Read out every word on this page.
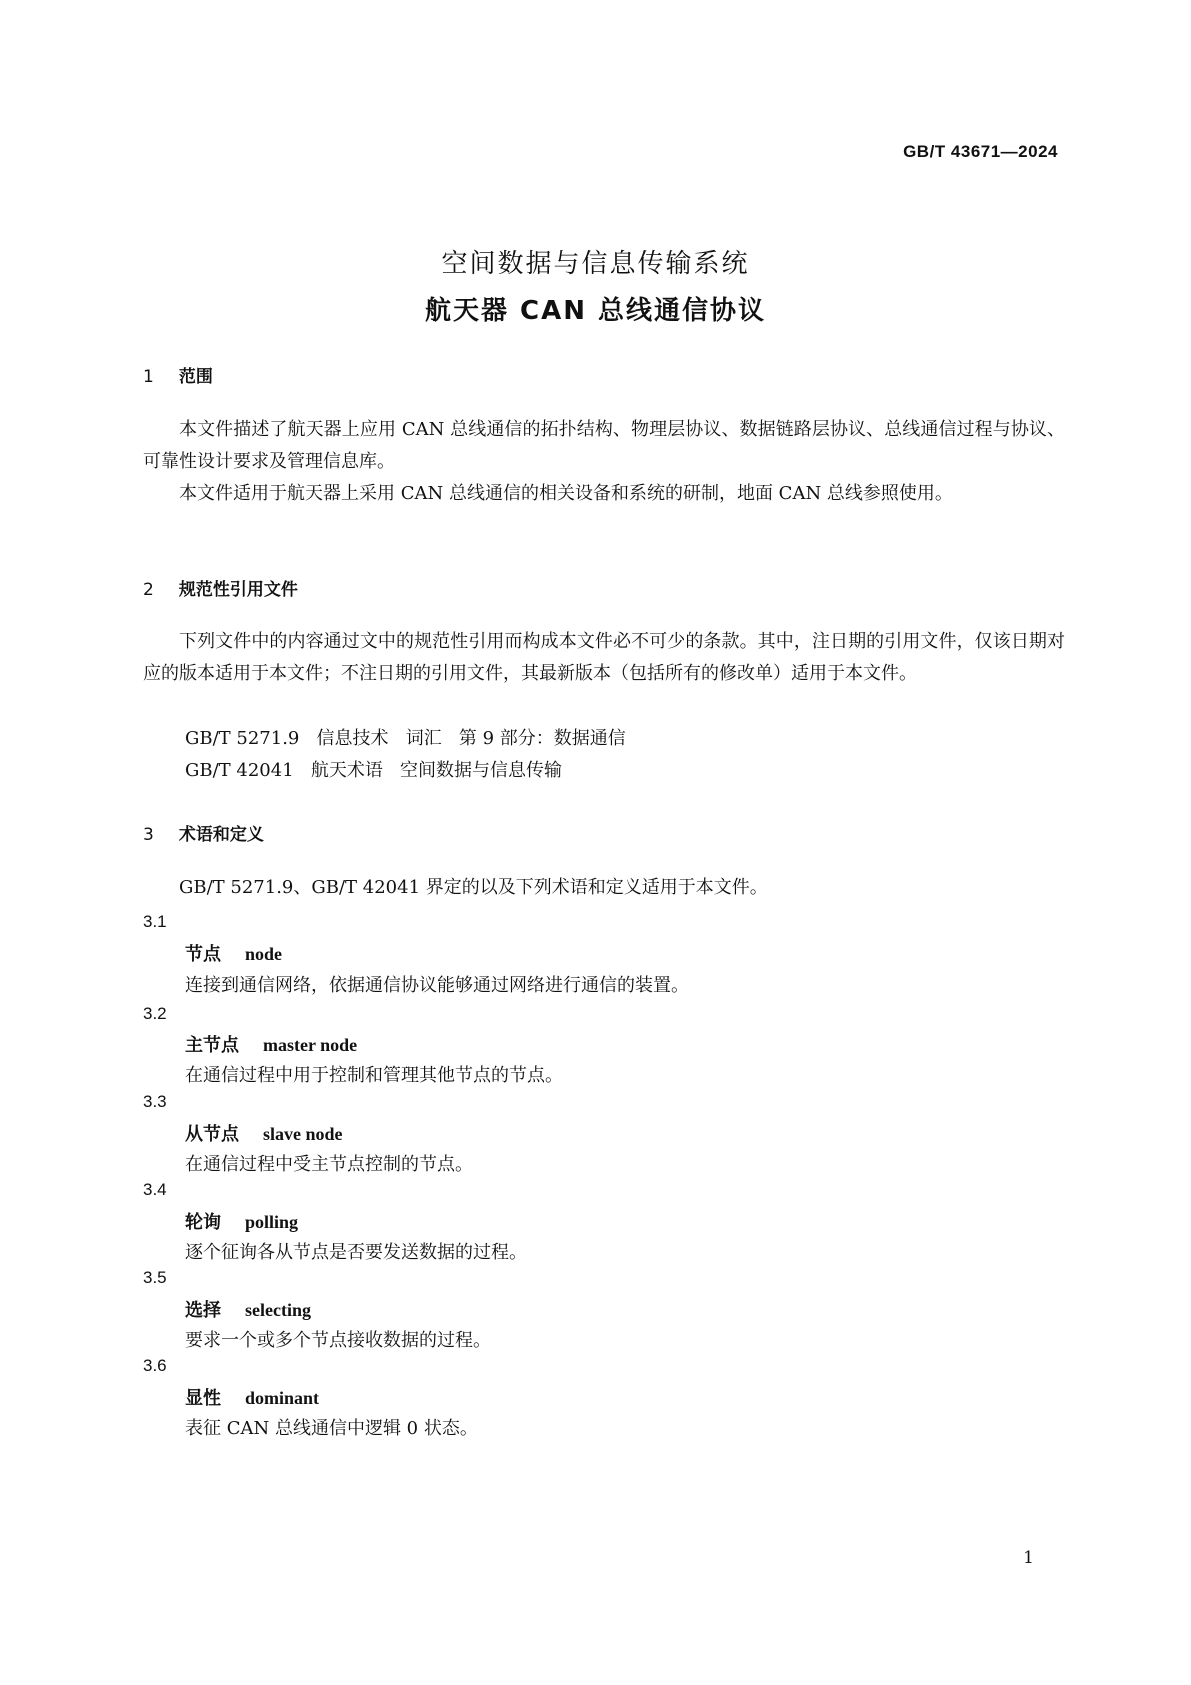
GB/T 43671—2024
空间数据与信息传输系统
航天器 CAN 总线通信协议
1 范围
本文件描述了航天器上应用 CAN 总线通信的拓扑结构、物理层协议、数据链路层协议、总线通信过程与协议、可靠性设计要求及管理信息库。
本文件适用于航天器上采用 CAN 总线通信的相关设备和系统的研制，地面 CAN 总线参照使用。
2 规范性引用文件
下列文件中的内容通过文中的规范性引用而构成本文件必不可少的条款。其中，注日期的引用文件，仅该日期对应的版本适用于本文件；不注日期的引用文件，其最新版本（包括所有的修改单）适用于本文件。
GB/T 5271.9   信息技术   词汇   第 9 部分：数据通信
GB/T 42041   航天术语   空间数据与信息传输
3 术语和定义
GB/T 5271.9、GB/T 42041 界定的以及下列术语和定义适用于本文件。
3.1
节点 node
连接到通信网络，依据通信协议能够通过网络进行通信的装置。
3.2
主节点 master node
在通信过程中用于控制和管理其他节点的节点。
3.3
从节点 slave node
在通信过程中受主节点控制的节点。
3.4
轮询 polling
逐个征询各从节点是否要发送数据的过程。
3.5
选择 selecting
要求一个或多个节点接收数据的过程。
3.6
显性 dominant
表征 CAN 总线通信中逻辑 0 状态。
1
